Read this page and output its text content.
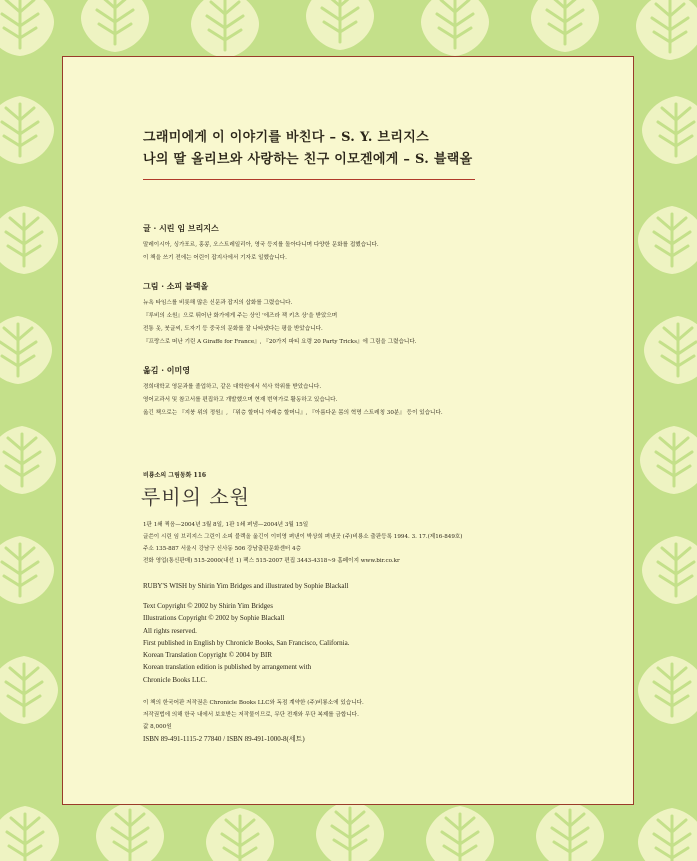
그래미에게 이 이야기를 바친다 – S. Y. 브리지스
나의 딸 올리브와 사랑하는 친구 이모겐에게 – S. 블랙올
글 · 시린 임 브리지스
말레이시아, 싱가포르, 홍콩, 오스트레일리아, 영국 등지를 돌아다니며 다양한 문화를 접했습니다.
이 책을 쓰기 전에는 어린이 잡지사에서 기자로 일했습니다.
그림 · 소피 블랙올
뉴욕 타임스를 비롯해 많은 신문과 잡지의 삽화를 그렸습니다.
『루비의 소원』으로 뛰어난 화가에게 주는 상인 '에즈라 잭 키츠 상'을 받았으며
전통 옷, 붓글씨, 도자기 등 중국의 문화를 잘 나타냈다는 평을 받았습니다.
『프랑스로 떠난 기린 A Giraffe for France』, 『20가지 파티 요령 20 Party Tricks』에 그림을 그렸습니다.
옮김 · 이미영
경희대학교 영문과를 졸업하고, 같은 대학원에서 석사 학위를 받았습니다.
영어교과서 및 참고서를 편집하고 개발했으며 현재 번역가로 활동하고 있습니다.
옮긴 책으로는 『지붕 위의 정원』, 『위층 할머니 아래층 할머니』, 『아름다운 몸의 혁명 스트레칭 30분』 등이 있습니다.
비룡소의 그림동화 116
루비의 소원
1판 1쇄 찍음—2004년 3월 8일, 1판 1쇄 펴냄—2004년 3월 15일
글쓴이 시린 임 브리지스 그린이 소피 블랙올 옮긴이 이미영 펴낸이 박상희 펴낸곳 (주)비룡소 출판등록 1994. 3. 17.(제16-849호)
주소 135-887 서울시 강남구 신사동 506 강남출판문화센터 4층
전화 영업(통신판매) 515-2000(내선 1) 팩스 515-2007 편집 3443-4318~9 홈페이지 www.bir.co.kr
RUBY'S WISH by Shirin Yim Bridges and illustrated by Sophie Blackall
Text Copyright © 2002 by Shirin Yim Bridges
Illustrations Copyright © 2002 by Sophie Blackall
All rights reserved.
First published in English by Chronicle Books, San Francisco, California.
Korean Translation Copyright © 2004 by BIR
Korean translation edition is published by arrangement with
Chronicle Books LLC.
이 책의 한국어판 저작권은 Chronicle Books LLC와 독점 계약한 (주)비룡소에 있습니다.
저작권법에 의해 한국 내에서 보호받는 저작물이므로, 무단 전재와 무단 복제를 금합니다.
값 8,000원
ISBN 89-491-1115-2 77840 / ISBN 89-491-1000-8(세트)
